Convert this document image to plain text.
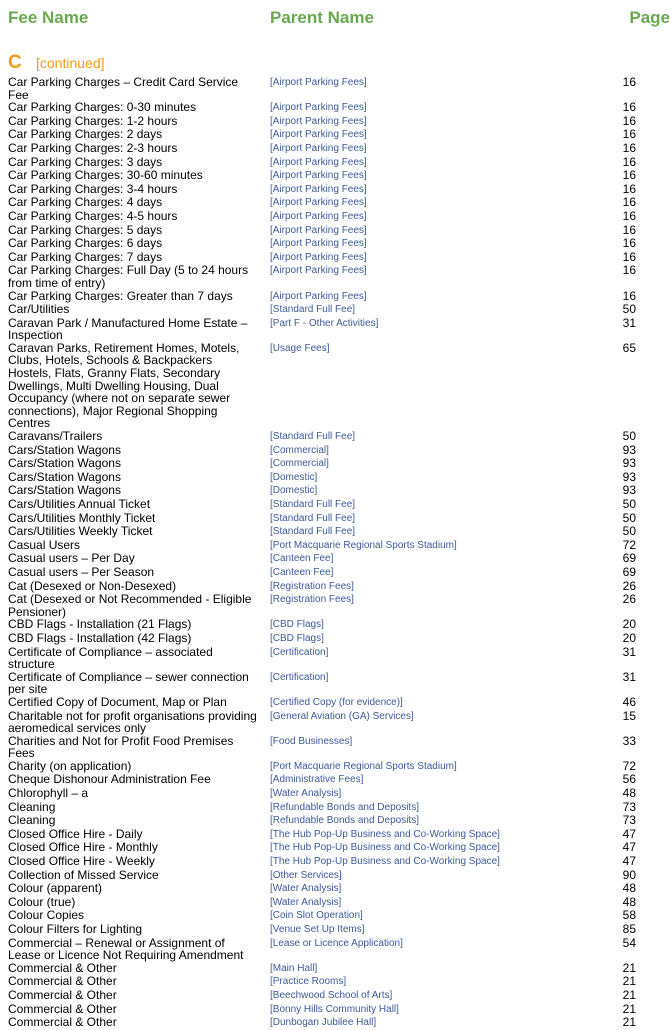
Fee Name	Parent Name	Page
C [continued]
Car Parking Charges – Credit Card Service Fee
[Airport Parking Fees]	16
Car Parking Charges: 0-30 minutes	[Airport Parking Fees]	16
Car Parking Charges: 1-2 hours	[Airport Parking Fees]	16
Car Parking Charges: 2 days	[Airport Parking Fees]	16
Car Parking Charges: 2-3 hours	[Airport Parking Fees]	16
Car Parking Charges: 3 days	[Airport Parking Fees]	16
Car Parking Charges: 30-60 minutes	[Airport Parking Fees]	16
Car Parking Charges: 3-4 hours	[Airport Parking Fees]	16
Car Parking Charges: 4 days	[Airport Parking Fees]	16
Car Parking Charges: 4-5 hours	[Airport Parking Fees]	16
Car Parking Charges: 5 days	[Airport Parking Fees]	16
Car Parking Charges: 6 days	[Airport Parking Fees]	16
Car Parking Charges: 7 days	[Airport Parking Fees]	16
Car Parking Charges: Full Day (5 to 24 hours from time of entry)
[Airport Parking Fees]	16
Car Parking Charges: Greater than 7 days	[Airport Parking Fees]	16
Car/Utilities	[Standard Full Fee]	50
Caravan Park / Manufactured Home Estate – Inspection
[Part F - Other Activities]	31
Caravan Parks, Retirement Homes, Motels, Clubs, Hotels, Schools & Backpackers Hostels, Flats, Granny Flats, Secondary Dwellings, Multi Dwelling Housing, Dual Occupancy (where not on separate sewer connections), Major Regional Shopping Centres
[Usage Fees]	65
Caravans/Trailers	[Standard Full Fee]	50
Cars/Station Wagons	[Commercial]	93
Cars/Station Wagons	[Commercial]	93
Cars/Station Wagons	[Domestic]	93
Cars/Station Wagons	[Domestic]	93
Cars/Utilities Annual Ticket	[Standard Full Fee]	50
Cars/Utilities Monthly Ticket	[Standard Full Fee]	50
Cars/Utilities Weekly Ticket	[Standard Full Fee]	50
Casual Users	[Port Macquarie Regional Sports Stadium]	72
Casual users – Per Day	[Canteen Fee]	69
Casual users – Per Season	[Canteen Fee]	69
Cat (Desexed or Non-Desexed)	[Registration Fees]	26
Cat (Desexed or Not Recommended - Eligible Pensioner)
[Registration Fees]	26
CBD Flags - Installation (21 Flags)	[CBD Flags]	20
CBD Flags - Installation (42 Flags)	[CBD Flags]	20
Certificate of Compliance – associated structure
[Certification]	31
Certificate of Compliance – sewer connection per site
[Certification]	31
Certified Copy of Document, Map or Plan	[Certified Copy (for evidence)]	46
Charitable not for profit organisations providing aeromedical services only
[General Aviation (GA) Services]	15
Charities and Not for Profit Food Premises Fees
[Food Businesses]	33
Charity (on application)	[Port Macquarie Regional Sports Stadium]	72
Cheque Dishonour Administration Fee	[Administrative Fees]	56
Chlorophyll – a	[Water Analysis]	48
Cleaning	[Refundable Bonds and Deposits]	73
Cleaning	[Refundable Bonds and Deposits]	73
Closed Office Hire - Daily	[The Hub Pop-Up Business and Co-Working Space]	47
Closed Office Hire - Monthly	[The Hub Pop-Up Business and Co-Working Space]	47
Closed Office Hire - Weekly	[The Hub Pop-Up Business and Co-Working Space]	47
Collection of Missed Service	[Other Services]	90
Colour (apparent)	[Water Analysis]	48
Colour (true)	[Water Analysis]	48
Colour Copies	[Coin Slot Operation]	58
Colour Filters for Lighting	[Venue Set Up Items]	85
Commercial – Renewal or Assignment of Lease or Licence Not Requiring Amendment
[Lease or Licence Application]	54
Commercial & Other	[Main Hall]	21
Commercial & Other	[Practice Rooms]	21
Commercial & Other	[Beechwood School of Arts]	21
Commercial & Other	[Bonny Hills Community Hall]	21
Commercial & Other	[Dunbogan Jubilee Hall]	21
